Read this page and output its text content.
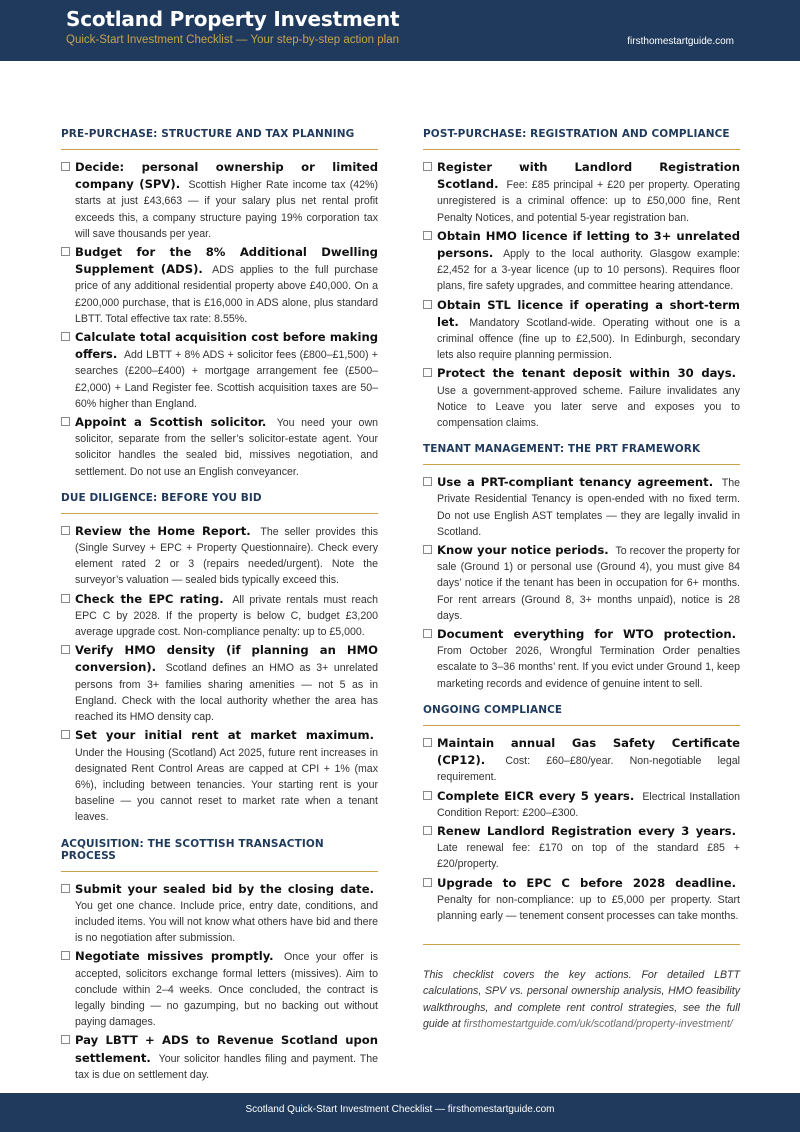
Scotland Property Investment
Quick-Start Investment Checklist — Your step-by-step action plan	firsthomestartguide.com
PRE-PURCHASE: STRUCTURE AND TAX PLANNING
Decide: personal ownership or limited company (SPV). Scottish Higher Rate income tax (42%) starts at just £43,663 — if your salary plus net rental profit exceeds this, a company structure paying 19% corporation tax will save thousands per year.
Budget for the 8% Additional Dwelling Supplement (ADS). ADS applies to the full purchase price of any additional residential property above £40,000. On a £200,000 purchase, that is £16,000 in ADS alone, plus standard LBTT. Total effective tax rate: 8.55%.
Calculate total acquisition cost before making offers. Add LBTT + 8% ADS + solicitor fees (£800–£1,500) + searches (£200–£400) + mortgage arrangement fee (£500–£2,000) + Land Register fee. Scottish acquisition taxes are 50–60% higher than England.
Appoint a Scottish solicitor. You need your own solicitor, separate from the seller’s solicitor-estate agent. Your solicitor handles the sealed bid, missives negotiation, and settlement. Do not use an English conveyancer.
DUE DILIGENCE: BEFORE YOU BID
Review the Home Report. The seller provides this (Single Survey + EPC + Property Questionnaire). Check every element rated 2 or 3 (repairs needed/urgent). Note the surveyor’s valuation — sealed bids typically exceed this.
Check the EPC rating. All private rentals must reach EPC C by 2028. If the property is below C, budget £3,200 average upgrade cost. Non-compliance penalty: up to £5,000.
Verify HMO density (if planning an HMO conversion). Scotland defines an HMO as 3+ unrelated persons from 3+ families sharing amenities — not 5 as in England. Check with the local authority whether the area has reached its HMO density cap.
Set your initial rent at market maximum. Under the Housing (Scotland) Act 2025, future rent increases in designated Rent Control Areas are capped at CPI + 1% (max 6%), including between tenancies. Your starting rent is your baseline — you cannot reset to market rate when a tenant leaves.
ACQUISITION: THE SCOTTISH TRANSACTION PROCESS
Submit your sealed bid by the closing date. You get one chance. Include price, entry date, conditions, and included items. You will not know what others have bid and there is no negotiation after submission.
Negotiate missives promptly. Once your offer is accepted, solicitors exchange formal letters (missives). Aim to conclude within 2–4 weeks. Once concluded, the contract is legally binding — no gazumping, but no backing out without paying damages.
Pay LBTT + ADS to Revenue Scotland upon settlement. Your solicitor handles filing and payment. The tax is due on settlement day.
POST-PURCHASE: REGISTRATION AND COMPLIANCE
Register with Landlord Registration Scotland. Fee: £85 principal + £20 per property. Operating unregistered is a criminal offence: up to £50,000 fine, Rent Penalty Notices, and potential 5-year registration ban.
Obtain HMO licence if letting to 3+ unrelated persons. Apply to the local authority. Glasgow example: £2,452 for a 3-year licence (up to 10 persons). Requires floor plans, fire safety upgrades, and committee hearing attendance.
Obtain STL licence if operating a short-term let. Mandatory Scotland-wide. Operating without one is a criminal offence (fine up to £2,500). In Edinburgh, secondary lets also require planning permission.
Protect the tenant deposit within 30 days. Use a government-approved scheme. Failure invalidates any Notice to Leave you later serve and exposes you to compensation claims.
TENANT MANAGEMENT: THE PRT FRAMEWORK
Use a PRT-compliant tenancy agreement. The Private Residential Tenancy is open-ended with no fixed term. Do not use English AST templates — they are legally invalid in Scotland.
Know your notice periods. To recover the property for sale (Ground 1) or personal use (Ground 4), you must give 84 days’ notice if the tenant has been in occupation for 6+ months. For rent arrears (Ground 8, 3+ months unpaid), notice is 28 days.
Document everything for WTO protection. From October 2026, Wrongful Termination Order penalties escalate to 3–36 months’ rent. If you evict under Ground 1, keep marketing records and evidence of genuine intent to sell.
ONGOING COMPLIANCE
Maintain annual Gas Safety Certificate (CP12). Cost: £60–£80/year. Non-negotiable legal requirement.
Complete EICR every 5 years. Electrical Installation Condition Report: £200–£300.
Renew Landlord Registration every 3 years. Late renewal fee: £170 on top of the standard £85 + £20/property.
Upgrade to EPC C before 2028 deadline. Penalty for non-compliance: up to £5,000 per property. Start planning early — tenement consent processes can take months.
This checklist covers the key actions. For detailed LBTT calculations, SPV vs. personal ownership analysis, HMO feasibility walkthroughs, and complete rent control strategies, see the full guide at firsthomestartguide.com/uk/scotland/property-investment/
Scotland Quick-Start Investment Checklist — firsthomestartguide.com
